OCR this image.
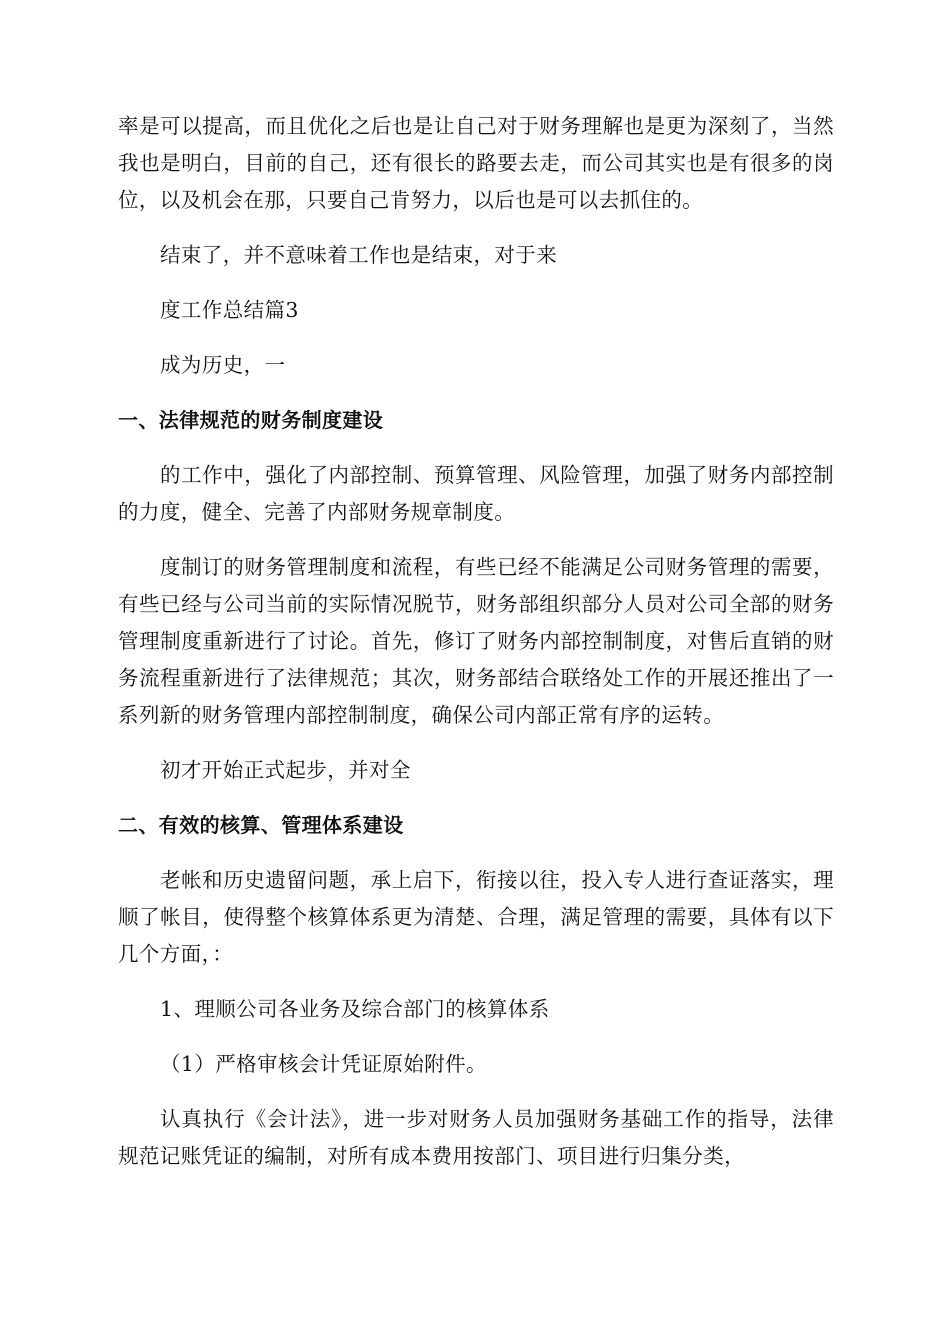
率是可以提高，而且优化之后也是让自己对于财务理解也是更为深刻了，当然我也是明白，目前的自己，还有很长的路要去走，而公司其实也是有很多的岗位，以及机会在那，只要自己肯努力，以后也是可以去抓住的。

结束了，并不意味着工作也是结束，对于来

度工作总结篇3

成为历史，一

一、法律规范的财务制度建设

的工作中，强化了内部控制、预算管理、风险管理，加强了财务内部控制的力度，健全、完善了内部财务规章制度。

度制订的财务管理制度和流程，有些已经不能满足公司财务管理的需要，有些已经与公司当前的实际情况脱节，财务部组织部分人员对公司全部的财务管理制度重新进行了讨论。首先，修订了财务内部控制制度，对售后直销的财务流程重新进行了法律规范；其次，财务部结合联络处工作的开展还推出了一系列新的财务管理内部控制制度，确保公司内部正常有序的运转。

初才开始正式起步，并对全

二、有效的核算、管理体系建设

老帐和历史遗留问题，承上启下，衔接以往，投入专人进行查证落实，理顺了帐目，使得整个核算体系更为清楚、合理，满足管理的需要，具体有以下几个方面，：

1、理顺公司各业务及综合部门的核算体系

（1）严格审核会计凭证原始附件。

认真执行《会计法》，进一步对财务人员加强财务基础工作的指导，法律规范记账凭证的编制，对所有成本费用按部门、项目进行归集分类，
